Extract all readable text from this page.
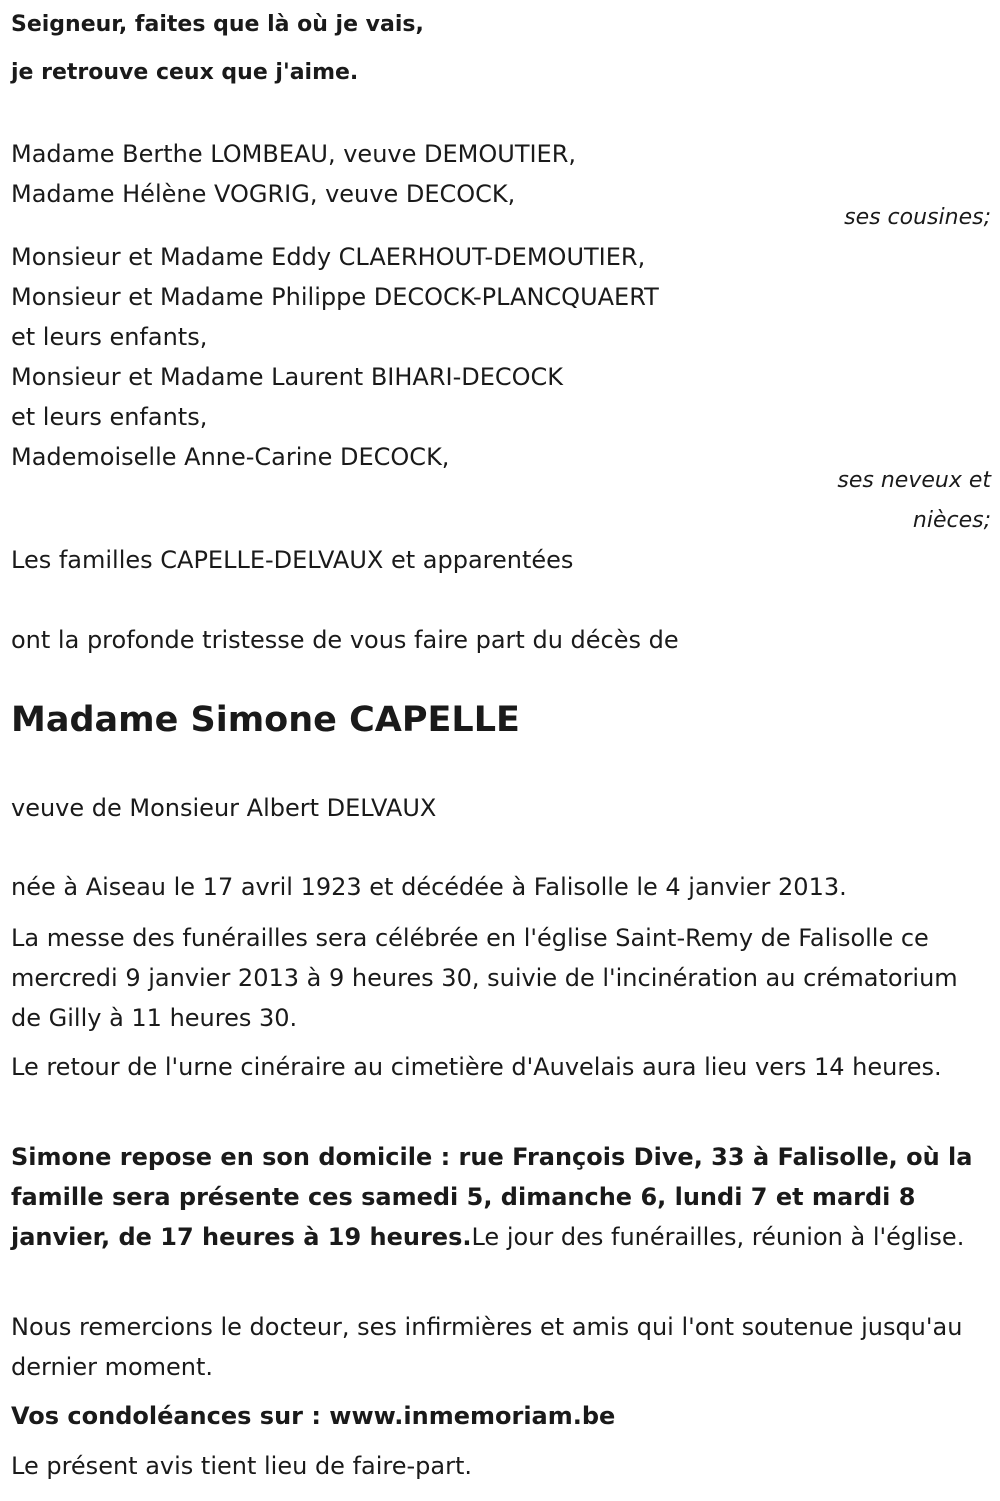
Seigneur, faites que là où je vais,
je retrouve ceux que j'aime.
Madame Berthe LOMBEAU, veuve DEMOUTIER,
Madame Hélène VOGRIG, veuve DECOCK,
ses cousines;
Monsieur et Madame Eddy CLAERHOUT-DEMOUTIER,
Monsieur et Madame Philippe DECOCK-PLANCQUAERT
et leurs enfants,
Monsieur et Madame Laurent BIHARI-DECOCK
et leurs enfants,
Mademoiselle Anne-Carine DECOCK,
ses neveux et
nièces;
Les familles CAPELLE-DELVAUX et apparentées
ont la profonde tristesse de vous faire part du décès de
Madame Simone CAPELLE
veuve de Monsieur Albert DELVAUX
née à Aiseau le 17 avril 1923 et décédée à Falisolle le 4 janvier 2013.
La messe des funérailles sera célébrée en l'église Saint-Remy de Falisolle ce mercredi 9 janvier 2013 à 9 heures 30, suivie de l'incinération au crématorium de Gilly à 11 heures 30.
Le retour de l'urne cinéraire au cimetière d'Auvelais aura lieu vers 14 heures.
Simone repose en son domicile : rue François Dive, 33 à Falisolle, où la famille sera présente ces samedi 5, dimanche 6, lundi 7 et mardi 8 janvier, de 17 heures à 19 heures.Le jour des funérailles, réunion à l'église.
Nous remercions le docteur, ses infirmières et amis qui l'ont soutenue jusqu'au dernier moment.
Vos condoléances sur : www.inmemoriam.be
Le présent avis tient lieu de faire-part.
